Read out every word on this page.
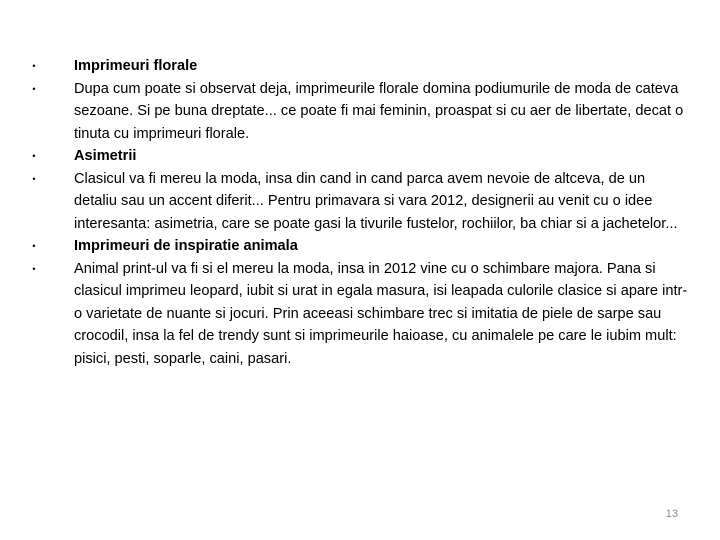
•	Imprimeuri florale
•	Dupa cum poate si observat deja, imprimeurile florale domina podiumurile de moda de cateva sezoane. Si pe buna dreptate... ce poate fi mai feminin, proaspat si cu aer de libertate, decat o tinuta cu imprimeuri florale.
•	Asimetrii
•	Clasicul va fi mereu la moda, insa din cand in cand parca avem nevoie de altceva, de un detaliu sau un accent diferit... Pentru primavara si vara 2012, designerii au venit cu o idee interesanta: asimetria, care se poate gasi la tivurile fustelor, rochiilor, ba chiar si a jachetelor...
•	Imprimeuri de inspiratie animala
•	Animal print-ul va fi si el mereu la moda, insa in 2012 vine cu o schimbare majora. Pana si clasicul imprimeu leopard, iubit si urat in egala masura, isi leapada culorile clasice si apare intr-o varietate de nuante si jocuri. Prin aceeasi schimbare trec si imitatia de piele de sarpe sau crocodil, insa la fel de trendy sunt si imprimeurile haioase, cu animalele pe care le iubim mult: pisici, pesti, soparle, caini, pasari.
13
